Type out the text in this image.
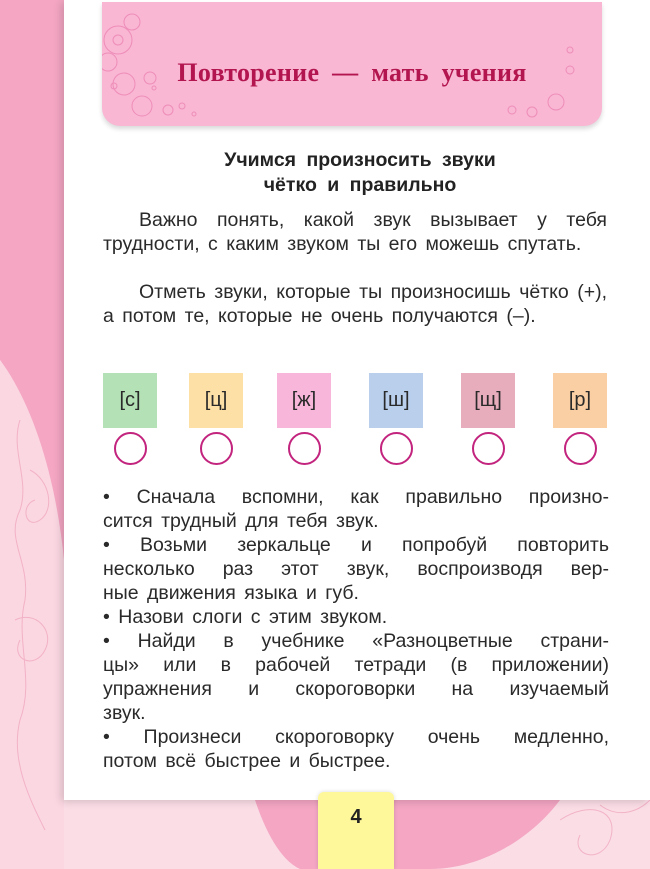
Повторение — мать учения
Учимся произносить звуки
чётко и правильно
Важно понять, какой звук вызывает у тебя трудности, с каким звуком ты его можешь спутать.
Отметь звуки, которые ты произносишь чётко (+), а потом те, которые не очень получаются (–).
[с]	[ц]	[ж]	[ш]	[щ]	[р]
• Сначала вспомни, как правильно произно-
сится трудный для тебя звук.
• Возьми зеркальце и попробуй повторить
несколько раз этот звук, воспроизводя вер-
ные движения языка и губ.
• Назови слоги с этим звуком.
• Найди в учебнике «Разноцветные страни-
цы» или в рабочей тетради (в приложении)
упражнения и скороговорки на изучаемый
звук.
• Произнеси скороговорку очень медленно,
потом всё быстрее и быстрее.
4
